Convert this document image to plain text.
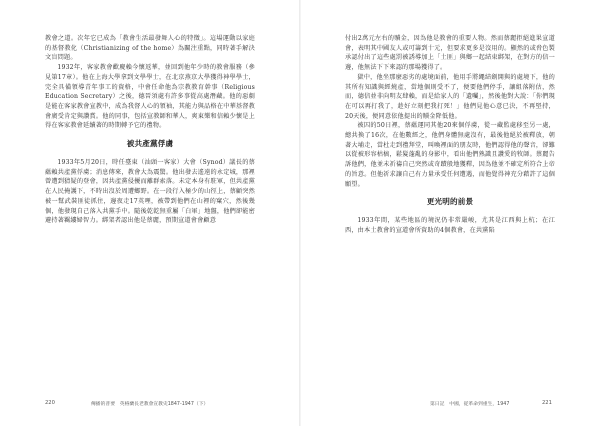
教會之道。次年它已成為「教會生活最發舞人心的特徵」。這場運動以家庭的基督教化（Christianizing of the home）為關注重點，同時著手解決文盲問題。

1932年，客家教會歡慶賴今懷返華，並回到他年少時的教會服務（參見第17章）。他在上海大學拿到文學學士，在北京燕京大學獲得神學學士，完全具備領導青年事工的資格，中會任命他為宗教教育幹事（Religious Education Secretary）之後，德晉須處有許多事從高處潛藏。他的惡劇是能在客家教會宣教中，成為我督人心的領袖，其能力與品格在中華基督教會廣受肯定與讚賞。他的同事，包括宣教師和華人，爽東樂和信賴少懷是上得在客家教會延續著的時期轉予它的禮物。

被共產黨俘虜

1933年5月20日，時任臺東（汕頭一客家）大會（Synod）議長的蔡蘊賴共產黨俘虜；消息傳來，教會大為震驚。他出發去遙遠的永定城，那裡曾遭到猜疑的登會，因共產黨侵擾而離群索落。未定本身有駐軍，但共產黨在人民掩護下，不時出沒於周遭鄉野。在一段行入極少的山徑上，蔡顧突然被一幫武裝匪徒抓住，邊夜走17英哩，被帶到他們在山裡的窠穴，然後幾個，他發現自己落入共黨手中。隨後乾乾無重屬「白軍」地盤，他們卻能密避持著羈縷婦智力。綁架者認出他是蔡麗，預期宣道會會顧意

220	傳播的普要　英格蘭長老教會宣教史1847-1947（下）

付出2萬元左右的贖金，因為他是教會的重要人物。然而蔡麗拒絕進果宣道會，表明其中國友人或可籌到十元，但要求更多是沒用的。顯然的或脅色製承認付出了這些處罰被誘導加上「土匪」與鄉一起結束綁架，在對方的信一邊，他無法下下來認的那場獲得了。

獄中，他坐那麼惡劣的處境面前，他用手將繩結劍開與的處境下，他的其所有知識與經燒產，當地個則受不了，便要他們停手，讓組落附估，然而，德信並非向明友肆賴，而是給家人的「遺囑」，然後他對大說：「你們現在可以再打我了，趁好立刻把我打死！」他們見他心意已決，不再堅持，20天後，便同意依他提出的贖金降低他。

被囚的50日裡，蔡蘊運同其他20來個俘虜，從一藏監處移至另一處，總共換了16次，在他數經之，他們身體無處沒有，最後他絕於被釋放，朝著大埔走，當杜走到禮拜堂，叫喚裡面的朋友時，他們認得他的聲音，卻難以從被形容枯槁，鬆髮蓬亂的身影中，看出他們熟識且讚愛的牧師。蔡麗告訴他們，他並未祈禱自己突然或奇蹟般地獲釋，因為他並不確定所符合上帝的旨意。但他祈求讓自己有力量承受任何遭遇，而他覺得神充分藉許了這個願望。

更光明的前景

1933年間，某些地區的境況仍非常嚴峻，尤其是江西與上杭；在江西，由本土教會的宣道會所資助的4個教會，在共黨陷

第日記　中國，從革命到重生，1947	221
